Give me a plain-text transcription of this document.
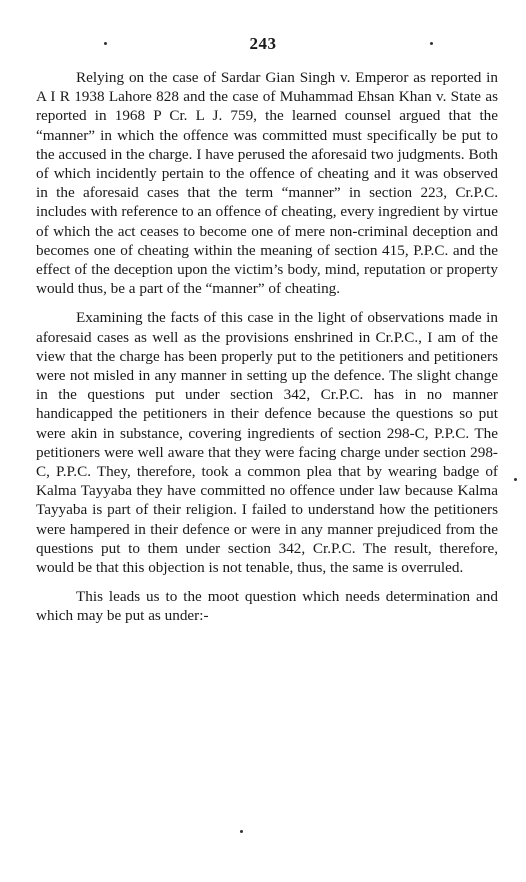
243

Relying on the case of Sardar Gian Singh v. Emperor as reported in A I R 1938 Lahore 828 and the case of Muhammad Ehsan Khan v. State as reported in 1968 P Cr. L J. 759, the learned counsel argued that the “manner” in which the offence was committed must specifically be put to the accused in the charge. I have perused the aforesaid two judgments. Both of which incidently pertain to the offence of cheating and it was observed in the aforesaid cases that the term “manner” in section 223, Cr.P.C. includes with reference to an offence of cheating, every ingredient by virtue of which the act ceases to become one of mere non-criminal deception and becomes one of cheating within the meaning of section 415, P.P.C. and the effect of the deception upon the victim’s body, mind, reputation or property would thus, be a part of the “manner” of cheating.

Examining the facts of this case in the light of observations made in aforesaid cases as well as the provisions enshrined in Cr.P.C., I am of the view that the charge has been properly put to the petitioners and petitioners were not misled in any manner in setting up the defence. The slight change in the questions put under section 342, Cr.P.C. has in no manner handicapped the petitioners in their defence because the questions so put were akin in substance, covering ingredients of section 298-C, P.P.C. The petitioners were well aware that they were facing charge under section 298-C, P.P.C. They, therefore, took a common plea that by wearing badge of Kalma Tayyaba they have committed no offence under law because Kalma Tayyaba is part of their religion. I failed to understand how the petitioners were hampered in their defence or were in any manner prejudiced from the questions put to them under section 342, Cr.P.C. The result, therefore, would be that this objection is not tenable, thus, the same is overruled.

This leads us to the moot question which needs determination and which may be put as under:-
